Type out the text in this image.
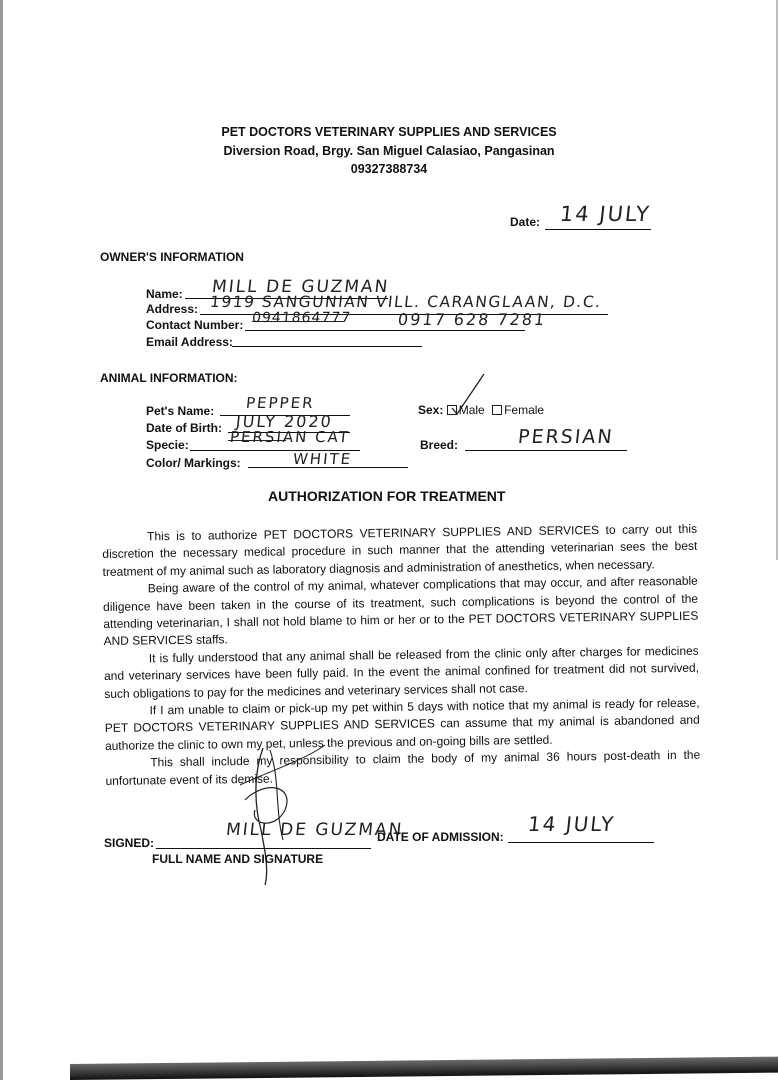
PET DOCTORS VETERINARY SUPPLIES AND SERVICES
Diversion Road, Brgy. San Miguel Calasiao, Pangasinan
09327388734
Date: 14 JULY
OWNER'S INFORMATION
Name: MILL DE GUZMAN
Address: 1919 SANGUNIAN VILL. CARANGLAAN, D.C.
Contact Number: 0941864777	0917 628 7281
Email Address:
ANIMAL INFORMATION:
Pet's Name: PEPPER
Date of Birth: JULY 2020
Specie:	PERSIAN CAT
Color/ Markings:	WHITE
Sex: Male Female
Breed:	PERSIAN
AUTHORIZATION FOR TREATMENT

This is to authorize PET DOCTORS VETERINARY SUPPLIES AND SERVICES to carry out this discretion the necessary medical procedure in such manner that the attending veterinarian sees the best treatment of my animal such as laboratory diagnosis and administration of anesthetics, when necessary.

Being aware of the control of my animal, whatever complications that may occur, and after reasonable diligence have been taken in the course of its treatment, such complications is beyond the control of the attending veterinarian, I shall not hold blame to him or her or to the PET DOCTORS VETERINARY SUPPLIES AND SERVICES staffs.

It is fully understood that any animal shall be released from the clinic only after charges for medicines and veterinary services have been fully paid. In the event the animal confined for treatment did not survived, such obligations to pay for the medicines and veterinary services shall not case.

If I am unable to claim or pick-up my pet within 5 days with notice that my animal is ready for release, PET DOCTORS VETERINARY SUPPLIES AND SERVICES can assume that my animal is abandoned and authorize the clinic to own my pet, unless the previous and on-going bills are settled.

This shall include my responsibility to claim the body of my animal 36 hours post-death in the unfortunate event of its demise.

SIGNED:
MILL DE GUZMAN
FULL NAME AND SIGNATURE
DATE OF ADMISSION:
14 JULY
